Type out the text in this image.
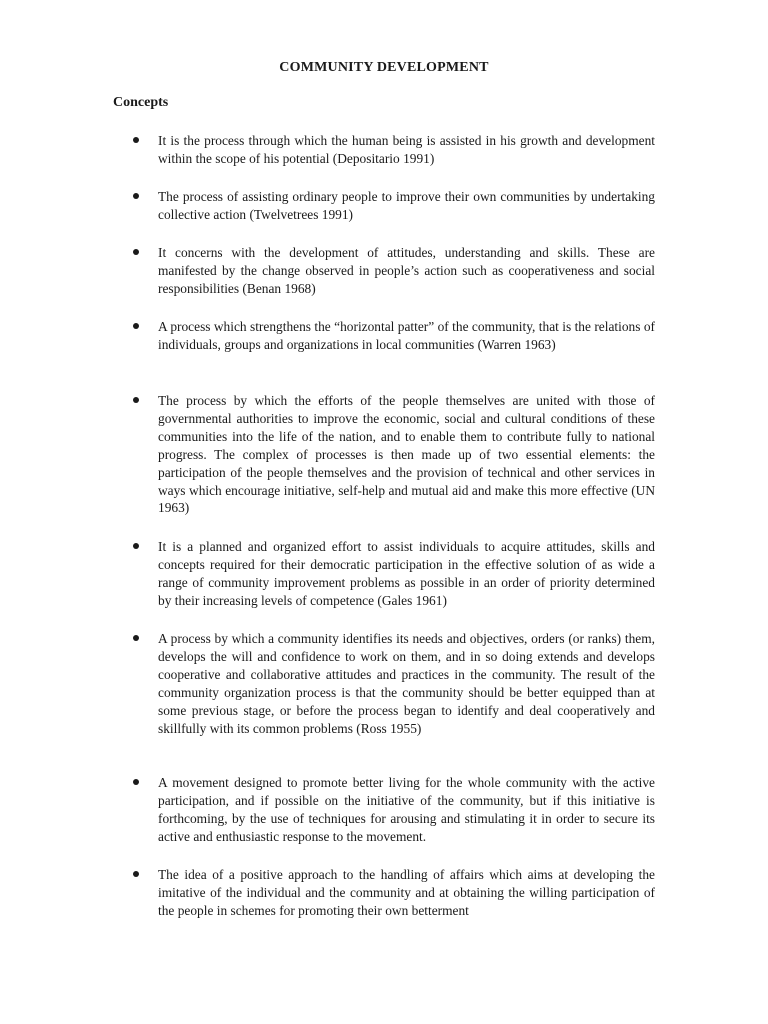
COMMUNITY DEVELOPMENT
Concepts

It is the process through which the human being is assisted in his growth and development within the scope of his potential (Depositario 1991)

The process of assisting ordinary people to improve their own communities by undertaking collective action (Twelvetrees 1991)

It concerns with the development of attitudes, understanding and skills. These are manifested by the change observed in people’s action such as cooperativeness and social responsibilities (Benan 1968)

A process which strengthens the “horizontal patter” of the community, that is the relations of individuals, groups and organizations in local communities (Warren 1963)

The process by which the efforts of the people themselves are united with those of governmental authorities to improve the economic, social and cultural conditions of these communities into the life of the nation, and to enable them to contribute fully to national progress. The complex of processes is then made up of two essential elements: the participation of the people themselves and the provision of technical and other services in ways which encourage initiative, self-help and mutual aid and make this more effective (UN 1963)

It is a planned and organized effort to assist individuals to acquire attitudes, skills and concepts required for their democratic participation in the effective solution of as wide a range of community improvement problems as possible in an order of priority determined by their increasing levels of competence (Gales 1961)

A process by which a community identifies its needs and objectives, orders (or ranks) them, develops the will and confidence to work on them, and in so doing extends and develops cooperative and collaborative attitudes and practices in the community. The result of the community organization process is that the community should be better equipped than at some previous stage, or before the process began to identify and deal cooperatively and skillfully with its common problems (Ross 1955)

A movement designed to promote better living for the whole community with the active participation, and if possible on the initiative of the community, but if this initiative is forthcoming, by the use of techniques for arousing and stimulating it in order to secure its active and enthusiastic response to the movement.

The idea of a positive approach to the handling of affairs which aims at developing the imitative of the individual and the community and at obtaining the willing participation of the people in schemes for promoting their own betterment
